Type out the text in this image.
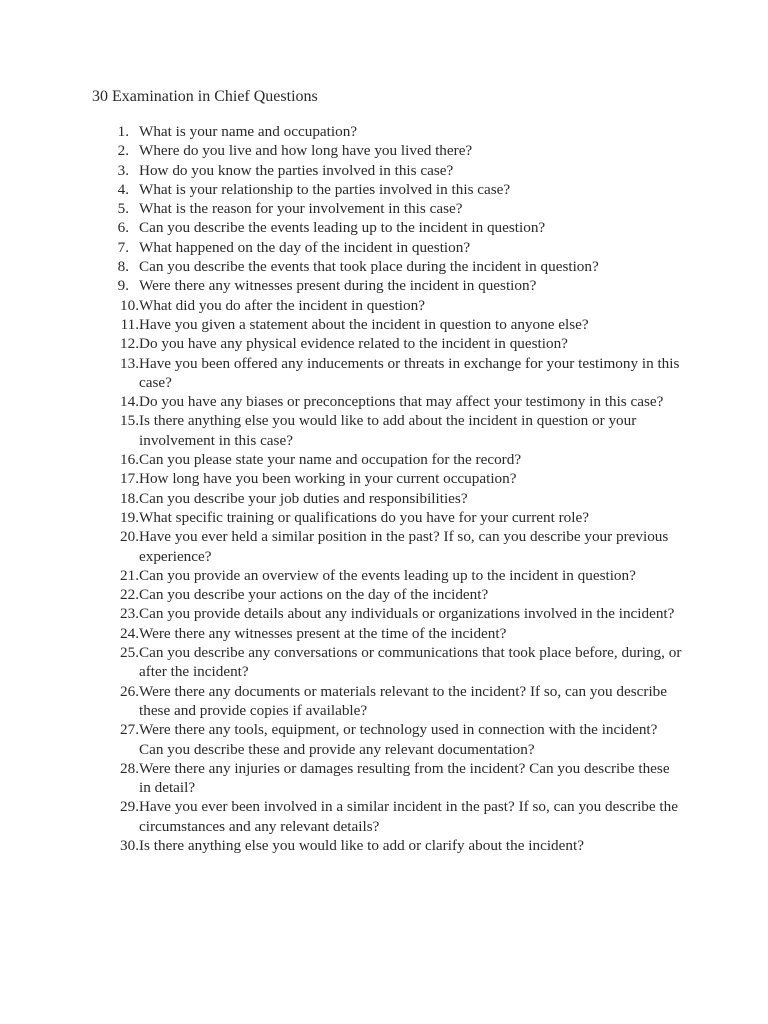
30 Examination in Chief Questions
1. What is your name and occupation?
2. Where do you live and how long have you lived there?
3. How do you know the parties involved in this case?
4. What is your relationship to the parties involved in this case?
5. What is the reason for your involvement in this case?
6. Can you describe the events leading up to the incident in question?
7. What happened on the day of the incident in question?
8. Can you describe the events that took place during the incident in question?
9. Were there any witnesses present during the incident in question?
10. What did you do after the incident in question?
11. Have you given a statement about the incident in question to anyone else?
12. Do you have any physical evidence related to the incident in question?
13. Have you been offered any inducements or threats in exchange for your testimony in this case?
14. Do you have any biases or preconceptions that may affect your testimony in this case?
15. Is there anything else you would like to add about the incident in question or your involvement in this case?
16. Can you please state your name and occupation for the record?
17. How long have you been working in your current occupation?
18. Can you describe your job duties and responsibilities?
19. What specific training or qualifications do you have for your current role?
20. Have you ever held a similar position in the past? If so, can you describe your previous experience?
21. Can you provide an overview of the events leading up to the incident in question?
22. Can you describe your actions on the day of the incident?
23. Can you provide details about any individuals or organizations involved in the incident?
24. Were there any witnesses present at the time of the incident?
25. Can you describe any conversations or communications that took place before, during, or after the incident?
26. Were there any documents or materials relevant to the incident? If so, can you describe these and provide copies if available?
27. Were there any tools, equipment, or technology used in connection with the incident? Can you describe these and provide any relevant documentation?
28. Were there any injuries or damages resulting from the incident? Can you describe these in detail?
29. Have you ever been involved in a similar incident in the past? If so, can you describe the circumstances and any relevant details?
30. Is there anything else you would like to add or clarify about the incident?
